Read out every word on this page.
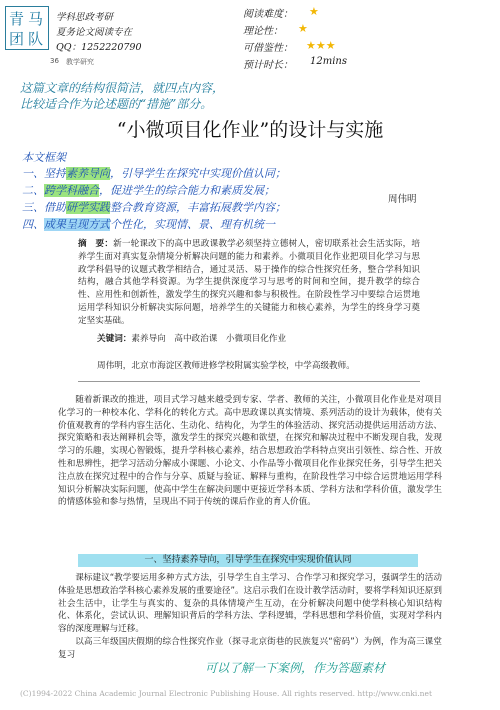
青 马
团 队
学科思政考研
夏务论文阅读专在
QQ：1252220790
36 教学研究
阅读难度： ★
理论性： ★
可借鉴性： ★★★
预计时长： 12mins
这篇文章的结构很简洁，就四点内容，
比较适合作为论述题的“措施”部分。
“小微项目化作业”的设计与实施
本文框架
一、坚持素养导向，引导学生在探究中实现价值认同；
二、跨学科融合，促进学生的综合能力和素质发展；
三、借助研学实践整合教育资源，丰富拓展教学内容；
四、成果呈现方式个性化，实现情、景、理有机统一
周伟明
摘　要：新一轮课改下的高中思政课教学必须坚持立德树人，密切联系社会生活实际，培养学生面对真实复杂情境分析解决问题的能力和素养。小微项目化作业把项目化学习与思政学科倡导的议题式教学相结合，通过灵活、易于操作的综合性探究任务，整合学科知识结构，融合其他学科资源。为学生提供深度学习与思考的时间和空间，提升教学的综合性、应用性和创新性，激发学生的探究兴趣和参与积极性。在阶段性学习中要综合运贯地运用学科知识分析解决实际问题，培养学生的关键能力和核心素养，为学生的终身学习奠定坚实基础。
关键词：素养导向　高中政治课　小微项目化作业
周伟明，北京市海淀区教师进修学校附属实验学校，中学高级教师。
随着新课改的推进，项目式学习越来越受到专家、学者、教师的关注，小微项目化作业是对项目化学习的一种校本化、学科化的转化方式。高中思政课以真实情境、系列活动的设计为载体，使有关价值观教育的学科内容生活化、生动化、结构化，为学生的体验活动、探究活动提供运用活动方法、探究策略和表达阐释机会等，激发学生的探究兴趣和欲望，在探究和解决过程中不断发现自我，发现学习的乐趣，实现心智锻炼，提升学科核心素养，结合思想政治学科特点突出引领性、综合性、开放性和思辨性，把学习活动分解成小课题、小论文、小作品等小微项目化作业探究任务，引导学生把关注点放在探究过程中的合作与分享、质疑与验证、解释与重构，在阶段性学习中综合运贯地运用学科知识分析解决实际问题，使高中学生在解决问题中更接近学科本质、学科方法和学科价值，激发学生的情感体验和参与热情，呈现出不同于传统的课后作业的育人价值。
一、坚持素养导向，引导学生在探究中实现价值认同
课标建议“教学要运用多种方式方法，引导学生自主学习、合作学习和探究学习，强调学生的活动体验是思想政治学科核心素养发展的重要途径”。这启示我们在设计教学活动时，要将学科知识还原到社会生活中，让学生与真实的、复杂的具体情境产生互动，在分析解决问题中使学科核心知识结构化、体系化，尝试认识、理解知识背后的学科方法、学科逻辑，学科思想和学科价值，实现对学科内容的深度理解与迁移。
以高三年级国庆假期的综合性探究作业（探寻北京街巷的民族复兴“密码”）为例，作为高三课堂复习
可以了解一下案例，作为答题素材
(C)1994-2022 China Academic Journal Electronic Publishing House. All rights reserved. http://www.cnki.net
